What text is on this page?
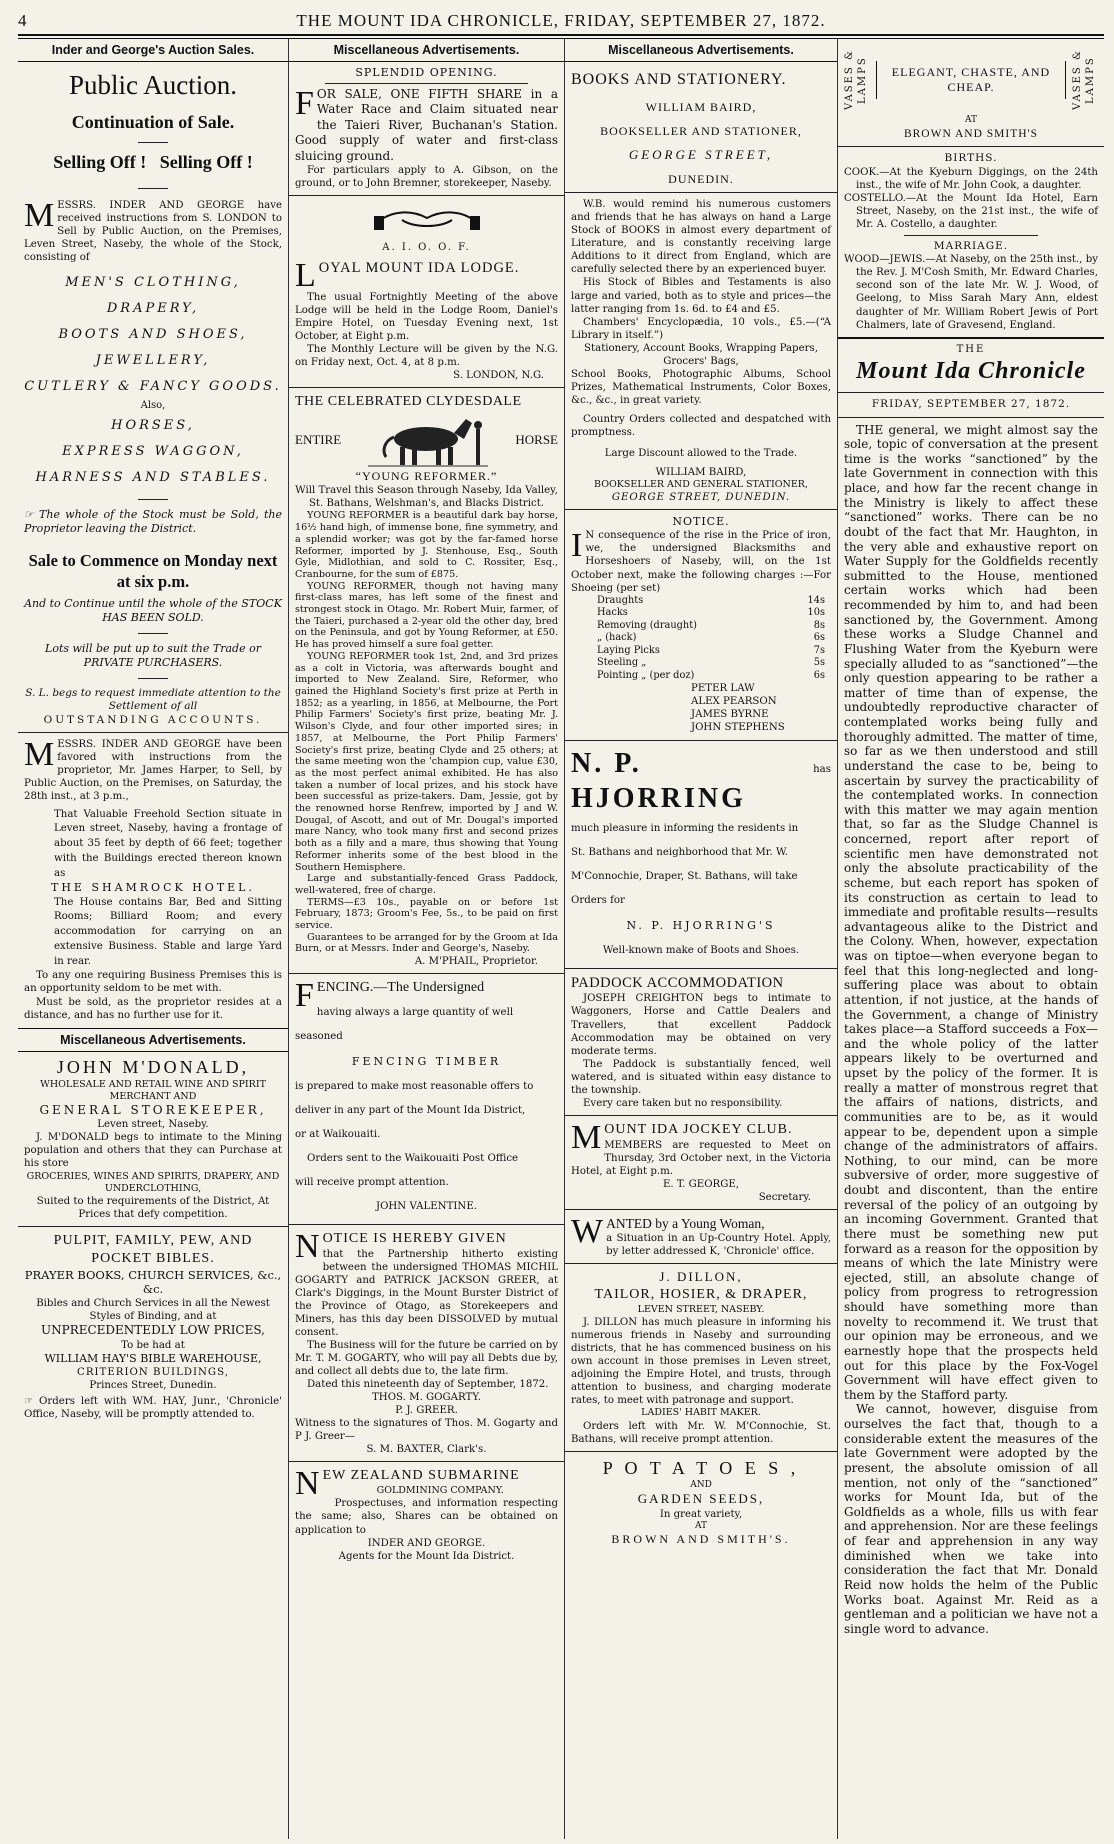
4	THE MOUNT IDA CHRONICLE, FRIDAY, SEPTEMBER 27, 1872.
Inder and George's Auction Sales.
Public Auction.
Continuation of Sale.
Selling Off !   Selling Off !
MESSRS. INDER AND GEORGE have received instructions from S. LONDON to Sell by Public Auction, on the Premises, Leven Street, Naseby, the whole of the Stock, consisting of
MEN'S CLOTHING,
DRAPERY,
BOOTS AND SHOES,
JEWELLERY,
CUTLERY & FANCY GOODS.
Also,
HORSES,
EXPRESS WAGGON,
HARNESS AND STABLES.
☞ The whole of the Stock must be Sold, the Proprietor leaving the District.
Sale to Commence on Monday next at six p.m.
And to Continue until the whole of the STOCK HAS BEEN SOLD.
Lots will be put up to suit the Trade or PRIVATE PURCHASERS.
S. L. begs to request immediate attention to the Settlement of all
OUTSTANDING ACCOUNTS.
MESSRS. INDER AND GEORGE have been favored with instructions from the proprietor, Mr. James Harper, to Sell, by Public Auction, on the Premises, on Saturday, the 28th inst., at 3 p.m.,
That Valuable Freehold Section situate in Leven street, Naseby, having a frontage of about 35 feet by depth of 66 feet; together with the Buildings erected thereon known as
THE SHAMROCK HOTEL.
The House contains Bar, Bed and Sitting Rooms; Billiard Room; and every accommodation for carrying on an extensive Business. Stable and large Yard in rear.
To any one requiring Business Premises this is an opportunity seldom to be met with.
Must be sold, as the proprietor resides at a distance, and has no further use for it.
Miscellaneous Advertisements.
JOHN M'DONALD,
WHOLESALE AND RETAIL WINE AND SPIRIT MERCHANT AND
GENERAL STOREKEEPER,
Leven street, Naseby.
J. M'DONALD begs to intimate to the Mining population and others that they can Purchase at his store
GROCERIES, WINES AND SPIRITS, DRAPERY, AND UNDERCLOTHING,
Suited to the requirements of the District, At Prices that defy competition.
PULPIT, FAMILY, PEW, AND POCKET BIBLES.
PRAYER BOOKS, CHURCH SERVICES, &c., &c.
Bibles and Church Services in all the Newest Styles of Binding, and at
UNPRECEDENTEDLY LOW PRICES,
To be had at
WILLIAM HAY'S BIBLE WAREHOUSE,
CRITERION BUILDINGS,
Princes Street, Dunedin.
☞ Orders left with WM. HAY, Junr., 'Chronicle' Office, Naseby, will be promptly attended to.
Miscellaneous Advertisements.
SPLENDID OPENING.
FOR SALE, ONE FIFTH SHARE in a Water Race and Claim situated near the Taieri River, Buchanan's Station. Good supply of water and first-class sluicing ground.
For particulars apply to A. Gibson, on the ground, or to John Bremner, storekeeper, Naseby.
A. I. O. O. F.
LOYAL MOUNT IDA LODGE.
The usual Fortnightly Meeting of the above Lodge will be held in the Lodge Room, Daniel's Empire Hotel, on Tuesday Evening next, 1st October, at Eight p.m.
The Monthly Lecture will be given by the N.G. on Friday next, Oct. 4, at 8 p.m.
S. LONDON, N.G.
THE CELEBRATED CLYDESDALE
ENTIRE	HORSE
“YOUNG REFORMER.”
Will Travel this Season through Naseby, Ida Valley, St. Bathans, Welshman's, and Blacks District.
YOUNG REFORMER is a beautiful dark bay horse, 16½ hand high, of immense bone, fine symmetry, and a splendid worker; was got by the far-famed horse Reformer, imported by J. Stenhouse, Esq., South Gyle, Midlothian, and sold to C. Rossiter, Esq., Cranbourne, for the sum of £875.
YOUNG REFORMER, though not having many first-class mares, has left some of the finest and strongest stock in Otago. Mr. Robert Muir, farmer, of the Taieri, purchased a 2-year old the other day, bred on the Peninsula, and got by Young Reformer, at £50. He has proved himself a sure foal getter.
YOUNG REFORMER took 1st, 2nd, and 3rd prizes as a colt in Victoria, was afterwards bought and imported to New Zealand. Sire, Reformer, who gained the Highland Society's first prize at Perth in 1852; as a yearling, in 1856, at Melbourne, the Port Philip Farmers' Society's first prize, beating Mr. J. Wilson's Clyde, and four other imported sires; in 1857, at Melbourne, the Port Philip Farmers' Society's first prize, beating Clyde and 25 others; at the same meeting won the 'champion cup, value £30, as the most perfect animal exhibited. He has also taken a number of local prizes, and his stock have been successful as prize-takers. Dam, Jessie, got by the renowned horse Renfrew, imported by J and W. Dougal, of Ascott, and out of Mr. Dougal's imported mare Nancy, who took many first and second prizes both as a filly and a mare, thus showing that Young Reformer inherits some of the best blood in the Southern Hemisphere.
Large and substantially-fenced Grass Paddock, well-watered, free of charge.
TERMS—£3 10s., payable on or before 1st February, 1873; Groom's Fee, 5s., to be paid on first service.
Guarantees to be arranged for by the Groom at Ida Burn, or at Messrs. Inder and George's, Naseby.
A. M'PHAIL, Proprietor.
FENCING.—The Undersigned
having always a large quantity of well seasoned
FENCING TIMBER
is prepared to make most reasonable offers to
deliver in any part of the Mount Ida District,
or at Waikouaiti.
Orders sent to the Waikouaiti Post Office
will receive prompt attention.
JOHN VALENTINE.
NOTICE IS HEREBY GIVEN
that the Partnership hitherto existing between the undersigned THOMAS MICHIL GOGARTY and PATRICK JACKSON GREER, at Clark's Diggings, in the Mount Burster District of the Province of Otago, as Storekeepers and Miners, has this day been DISSOLVED by mutual consent.
The Business will for the future be carried on by Mr. T. M. GOGARTY, who will pay all Debts due by, and collect all debts due to, the late firm.
Dated this nineteenth day of September, 1872.
THOS. M. GOGARTY.
P. J. GREER.
Witness to the signatures of Thos. M. Gogarty and P J. Greer—
S. M. BAXTER, Clark's.
NEW ZEALAND SUBMARINE
GOLDMINING COMPANY.
Prospectuses, and information respecting the same; also, Shares can be obtained on application to
INDER AND GEORGE.
Agents for the Mount Ida District.
Miscellaneous Advertisements.
BOOKS AND STATIONERY.
WILLIAM BAIRD,
BOOKSELLER AND STATIONER,
GEORGE STREET,
DUNEDIN.
W.B. would remind his numerous customers and friends that he has always on hand a Large Stock of BOOKS in almost every department of Literature, and is constantly receiving large Additions to it direct from England, which are carefully selected there by an experienced buyer.
His Stock of Bibles and Testaments is also large and varied, both as to style and prices—the latter ranging from 1s. 6d. to £4 and £5.
Chambers' Encyclopædia, 10 vols., £5.—(“A Library in itself.”)
Stationery, Account Books, Wrapping Papers, Grocers' Bags,
School Books, Photographic Albums, School Prizes, Mathematical Instruments, Color Boxes, &c., &c., in great variety.
Country Orders collected and despatched with promptness.
Large Discount allowed to the Trade.
WILLIAM BAIRD,
BOOKSELLER AND GENERAL STATIONER,
GEORGE STREET, DUNEDIN.
NOTICE.
I N consequence of the rise in the Price of iron, we, the undersigned Blacksmiths and Horseshoers of Naseby, will, on the 1st October next, make the following charges :—For Shoeing (per set)
Draughts	14s
Hacks	10s
Removing (draught)	8s
„ (hack)	6s
Laying Picks	7s
Steeling „	5s
Pointing „ (per doz)	6s
PETER LAW
ALEX PEARSON
JAMES BYRNE
JOHN STEPHENS
N. P. HJORRING
has
much pleasure in informing the residents in
St. Bathans and neighborhood that Mr. W.
M'Connochie, Draper, St. Bathans, will take
Orders for
N. P. HJORRING'S
Well-known make of Boots and Shoes.
PADDOCK ACCOMMODATION
JOSEPH CREIGHTON begs to intimate to Waggoners, Horse and Cattle Dealers and Travellers, that excellent Paddock Accommodation may be obtained on very moderate terms.
The Paddock is substantially fenced, well watered, and is situated within easy distance to the township.
Every care taken but no responsibility.
MOUNT IDA JOCKEY CLUB.
MEMBERS are requested to Meet on Thursday, 3rd October next, in the Victoria Hotel, at Eight p.m.
E. T. GEORGE,
Secretary.
WANTED by a Young Woman,
a Situation in an Up-Country Hotel. Apply, by letter addressed K, 'Chronicle' office.
J. DILLON,
TAILOR, HOSIER, & DRAPER,
LEVEN STREET, NASEBY.
J. DILLON has much pleasure in informing his numerous friends in Naseby and surrounding districts, that he has commenced business on his own account in those premises in Leven street, adjoining the Empire Hotel, and trusts, through attention to business, and charging moderate rates, to meet with patronage and support.
LADIES' HABIT MAKER.
Orders left with Mr. W. M'Connochie, St. Bathans, will receive prompt attention.
P O T A T O E S ,
AND
GARDEN SEEDS,
In great variety,
AT
BROWN AND SMITH'S.
VASES & LAMPS	ELEGANT, CHASTE, AND
CHEAP.	VASES & LAMPS
AT
BROWN AND SMITH'S
BIRTHS.
COOK.—At the Kyeburn Diggings, on the 24th inst., the wife of Mr. John Cook, a daughter.
COSTELLO.—At the Mount Ida Hotel, Earn Street, Naseby, on the 21st inst., the wife of Mr. A. Costello, a daughter.
MARRIAGE.
WOOD—JEWIS.—At Naseby, on the 25th inst., by the Rev. J. M'Cosh Smith, Mr. Edward Charles, second son of the late Mr. W. J. Wood, of Geelong, to Miss Sarah Mary Ann, eldest daughter of Mr. William Robert Jewis of Port Chalmers, late of Gravesend, England.
THE
Mount Ida Chronicle
FRIDAY, SEPTEMBER 27, 1872.
THE general, we might almost say the sole, topic of conversation at the present time is the works “sanctioned” by the late Government in connection with this place, and how far the recent change in the Ministry is likely to affect these “sanctioned” works. There can be no doubt of the fact that Mr. Haughton, in the very able and exhaustive report on Water Supply for the Goldfields recently submitted to the House, mentioned certain works which had been recommended by him to, and had been sanctioned by, the Government. Among these works a Sludge Channel and Flushing Water from the Kyeburn were specially alluded to as “sanctioned”—the only question appearing to be rather a matter of time than of expense, the undoubtedly reproductive character of contemplated works being fully and thoroughly admitted. The matter of time, so far as we then understood and still understand the case to be, being to ascertain by survey the practicability of the contemplated works. In connection with this matter we may again mention that, so far as the Sludge Channel is concerned, report after report of scientific men have demonstrated not only the absolute practicability of the scheme, but each report has spoken of its construction as certain to lead to immediate and profitable results—results advantageous alike to the District and the Colony. When, however, expectation was on tiptoe—when everyone began to feel that this long-neglected and long-suffering place was about to obtain attention, if not justice, at the hands of the Government, a change of Ministry takes place—a Stafford succeeds a Fox—and the whole policy of the latter appears likely to be overturned and upset by the policy of the former. It is really a matter of monstrous regret that the affairs of nations, districts, and communities are to be, as it would appear to be, dependent upon a simple change of the administrators of affairs. Nothing, to our mind, can be more subversive of order, more suggestive of doubt and discontent, than the entire reversal of the policy of an outgoing by an incoming Government. Granted that there must be something new put forward as a reason for the opposition by means of which the late Ministry were ejected, still, an absolute change of policy from progress to retrogression should have something more than novelty to recommend it. We trust that our opinion may be erroneous, and we earnestly hope that the prospects held out for this place by the Fox-Vogel Government will have effect given to them by the Stafford party.
We cannot, however, disguise from ourselves the fact that, though to a considerable extent the measures of the late Government were adopted by the present, the absolute omission of all mention, not only of the “sanctioned” works for Mount Ida, but of the Goldfields as a whole, fills us with fear and apprehension. Nor are these feelings of fear and apprehension in any way diminished when we take into consideration the fact that Mr. Donald Reid now holds the helm of the Public Works boat. Against Mr. Reid as a gentleman and a politician we have not a single word to advance.
